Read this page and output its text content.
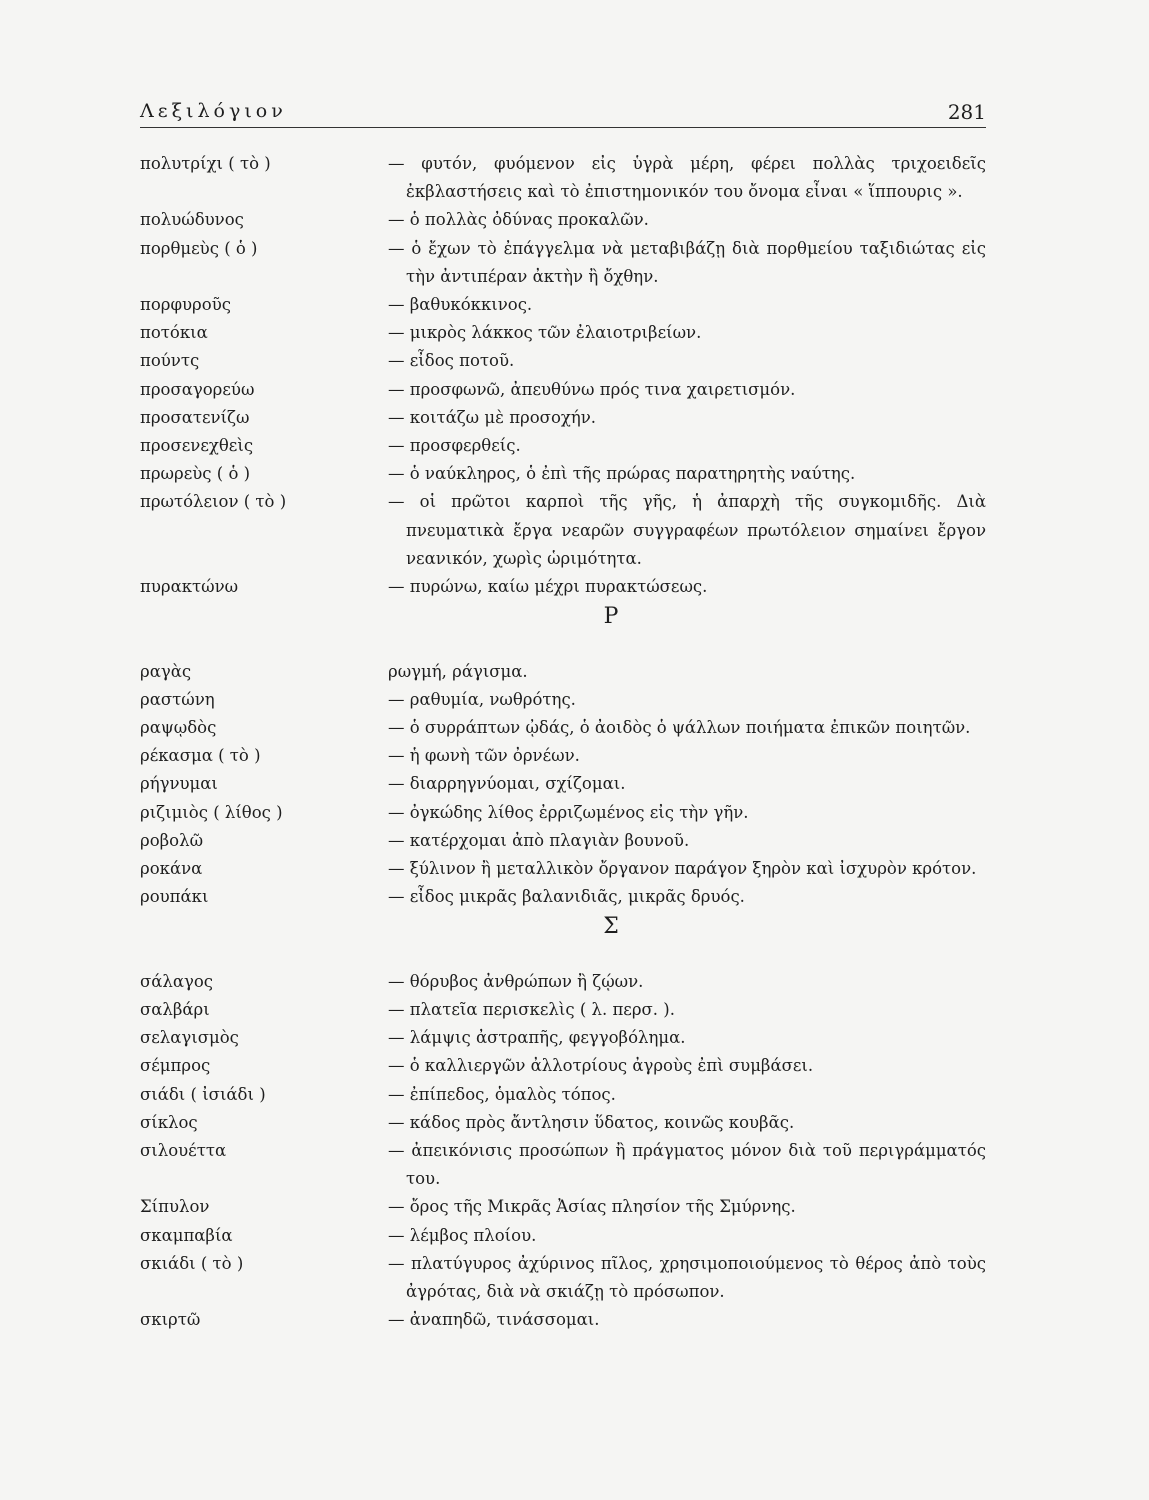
Λεξιλόγιον	281
πολυτρίχι ( τὸ )	— φυτόν, φυόμενον εἰς ὑγρὰ μέρη, φέρει πολλὰς τριχοειδεῖς ἐκβλαστήσεις καὶ τὸ ἐπιστημονικόν του ὄνομα εἶναι « ἵππουρις ».
πολυώδυνος	— ὁ πολλὰς ὀδύνας προκαλῶν.
πορθμεὺς ( ὁ )	— ὁ ἔχων τὸ ἐπάγγελμα νὰ μεταβιβάζῃ διὰ πορθμείου ταξιδιώτας εἰς τὴν ἀντιπέραν ἀκτὴν ἢ ὄχθην.
πορφυροῦς	— βαθυκόκκινος.
ποτόκια	— μικρὸς λάκκος τῶν ἐλαιοτριβείων.
πούντς	— εἶδος ποτοῦ.
προσαγορεύω	— προσφωνῶ, ἀπευθύνω πρός τινα χαιρετισμόν.
προσατενίζω	— κοιτάζω μὲ προσοχήν.
προσενεχθεὶς	— προσφερθείς.
πρωρεὺς ( ὁ )	— ὁ ναύκληρος, ὁ ἐπὶ τῆς πρώρας παρατηρητὴς ναύτης.
πρωτόλειον ( τὸ )	— οἱ πρῶτοι καρποὶ τῆς γῆς, ἡ ἀπαρχὴ τῆς συγκομιδῆς. Διὰ πνευματικὰ ἔργα νεαρῶν συγγραφέων πρωτόλειον σημαίνει ἔργον νεανικόν, χωρὶς ὡριμότητα.
πυρακτώνω	— πυρώνω, καίω μέχρι πυρακτώσεως.
Ρ
ραγὰς	ρωγμή, ράγισμα.
ραστώνη	— ραθυμία, νωθρότης.
ραψῳδὸς	— ὁ συρράπτων ᾠδάς, ὁ ἀοιδὸς ὁ ψάλλων ποιήματα ἐπικῶν ποιητῶν.
ρέκασμα ( τὸ )	— ἡ φωνὴ τῶν ὀρνέων.
ρήγνυμαι	— διαρρηγνύομαι, σχίζομαι.
ριζιμιὸς ( λίθος )	— ὀγκώδης λίθος ἐρριζωμένος εἰς τὴν γῆν.
ροβολῶ	— κατέρχομαι ἀπὸ πλαγιὰν βουνοῦ.
ροκάνα	— ξύλινον ἢ μεταλλικὸν ὄργανον παράγον ξηρὸν καὶ ἰσχυρὸν κρότον.
ρουπάκι	— εἶδος μικρᾶς βαλανιδιᾶς, μικρᾶς δρυός.
Σ
σάλαγος	— θόρυβος ἀνθρώπων ἢ ζῴων.
σαλβάρι	— πλατεῖα περισκελὶς ( λ. περσ. ).
σελαγισμὸς	— λάμψις ἀστραπῆς, φεγγοβόλημα.
σέμπρος	— ὁ καλλιεργῶν ἀλλοτρίους ἀγροὺς ἐπὶ συμβάσει.
σιάδι ( ἰσιάδι )	— ἐπίπεδος, ὁμαλὸς τόπος.
σίκλος	— κάδος πρὸς ἄντλησιν ὕδατος, κοινῶς κουβᾶς.
σιλουέττα	— ἀπεικόνισις προσώπων ἢ πράγματος μόνον διὰ τοῦ περιγράμματός του.
Σίπυλον	— ὄρος τῆς Μικρᾶς Ἀσίας πλησίον τῆς Σμύρνης.
σκαμπαβία	— λέμβος πλοίου.
σκιάδι ( τὸ )	— πλατύγυρος ἀχύρινος πῖλος, χρησιμοποιούμενος τὸ θέρος ἀπὸ τοὺς ἀγρότας, διὰ νὰ σκιάζῃ τὸ πρόσωπον.
σκιρτῶ	— ἀναπηδῶ, τινάσσομαι.
